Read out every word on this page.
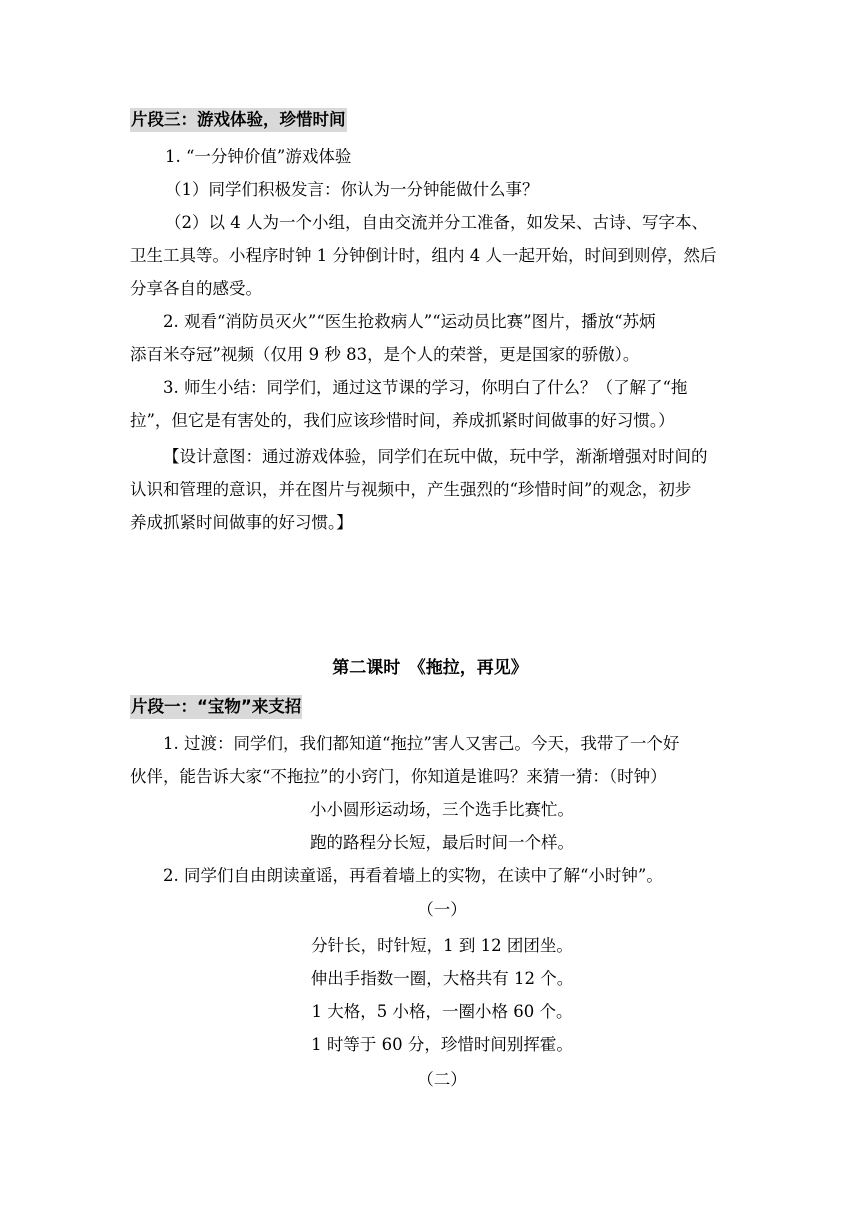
片段三：游戏体验，珍惜时间
1. “一分钟价值”游戏体验
（1）同学们积极发言：你认为一分钟能做什么事？
（2）以 4 人为一个小组，自由交流并分工准备，如发呆、古诗、写字本、
卫生工具等。小程序时钟 1 分钟倒计时，组内 4 人一起开始，时间到则停，然后
分享各自的感受。
2. 观看“消防员灭火”“医生抢救病人”“运动员比赛”图片，播放“苏炳
添百米夺冠”视频（仅用 9 秒 83，是个人的荣誉，更是国家的骄傲）。
3. 师生小结：同学们，通过这节课的学习，你明白了什么？（了解了“拖
拉”，但它是有害处的，我们应该珍惜时间，养成抓紧时间做事的好习惯。）
【设计意图：通过游戏体验，同学们在玩中做，玩中学，渐渐增强对时间的
认识和管理的意识，并在图片与视频中，产生强烈的“珍惜时间”的观念，初步
养成抓紧时间做事的好习惯。】
第二课时　《拖拉，再见》
片段一：“宝物”来支招
1. 过渡：同学们，我们都知道“拖拉”害人又害己。今天，我带了一个好
伙伴，能告诉大家“不拖拉”的小窍门，你知道是谁吗？来猜一猜：（时钟）
小小圆形运动场，三个选手比赛忙。
跑的路程分长短，最后时间一个样。
2. 同学们自由朗读童谣，再看着墙上的实物，在读中了解“小时钟”。
（一）
分针长，时针短，1 到 12 团团坐。
伸出手指数一圈，大格共有 12 个。
1 大格，5 小格，一圈小格 60 个。
1 时等于 60 分，珍惜时间别挥霍。
（二）
